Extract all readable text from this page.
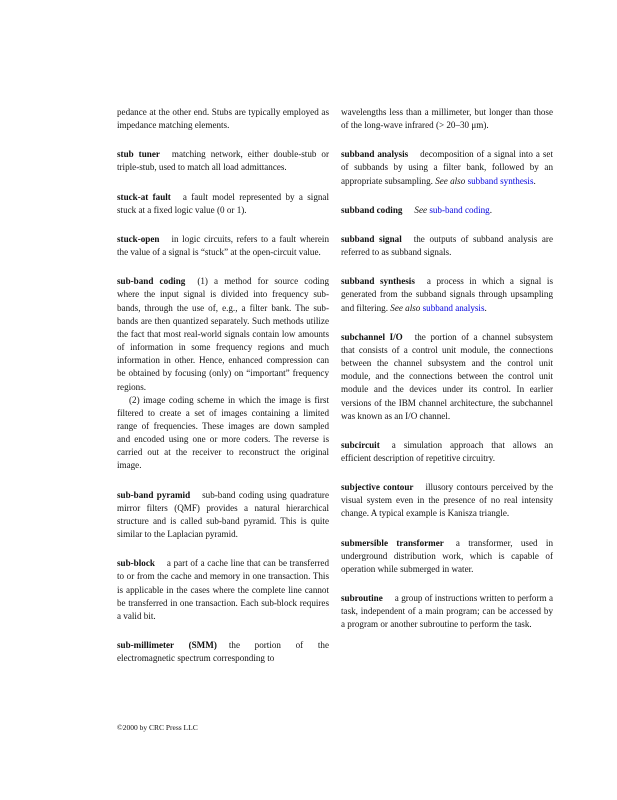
pedance at the other end. Stubs are typically employed as impedance matching elements.

stub tuner matching network, either double-stub or triple-stub, used to match all load admittances.

stuck-at fault a fault model represented by a signal stuck at a fixed logic value (0 or 1).

stuck-open in logic circuits, refers to a fault wherein the value of a signal is “stuck” at the open-circuit value.

sub-band coding (1) a method for source coding where the input signal is divided into frequency sub-bands, through the use of, e.g., a filter bank. The sub-bands are then quantized separately. Such methods utilize the fact that most real-world signals contain low amounts of information in some frequency regions and much information in other. Hence, enhanced compression can be obtained by focusing (only) on “important” frequency regions.
(2) image coding scheme in which the image is first filtered to create a set of images containing a limited range of frequencies. These images are down sampled and encoded using one or more coders. The reverse is carried out at the receiver to reconstruct the original image.

sub-band pyramid sub-band coding using quadrature mirror filters (QMF) provides a natural hierarchical structure and is called sub-band pyramid. This is quite similar to the Laplacian pyramid.

sub-block a part of a cache line that can be transferred to or from the cache and memory in one transaction. This is applicable in the cases where the complete line cannot be transferred in one transaction. Each sub-block requires a valid bit.

sub-millimeter (SMM) the portion of the electromagnetic spectrum corresponding to

wavelengths less than a millimeter, but longer than those of the long-wave infrared (> 20–30 μm).

subband analysis decomposition of a signal into a set of subbands by using a filter bank, followed by an appropriate subsampling. See also subband synthesis.

subband coding See sub-band coding.

subband signal the outputs of subband analysis are referred to as subband signals.

subband synthesis a process in which a signal is generated from the subband signals through upsampling and filtering. See also subband analysis.

subchannel I/O the portion of a channel subsystem that consists of a control unit module, the connections between the channel subsystem and the control unit module, and the connections between the control unit module and the devices under its control. In earlier versions of the IBM channel architecture, the subchannel was known as an I/O channel.

subcircuit a simulation approach that allows an efficient description of repetitive circuitry.

subjective contour illusory contours perceived by the visual system even in the presence of no real intensity change. A typical example is Kanisza triangle.

submersible transformer a transformer, used in underground distribution work, which is capable of operation while submerged in water.

subroutine a group of instructions written to perform a task, independent of a main program; can be accessed by a program or another subroutine to perform the task.

©2000 by CRC Press LLC
